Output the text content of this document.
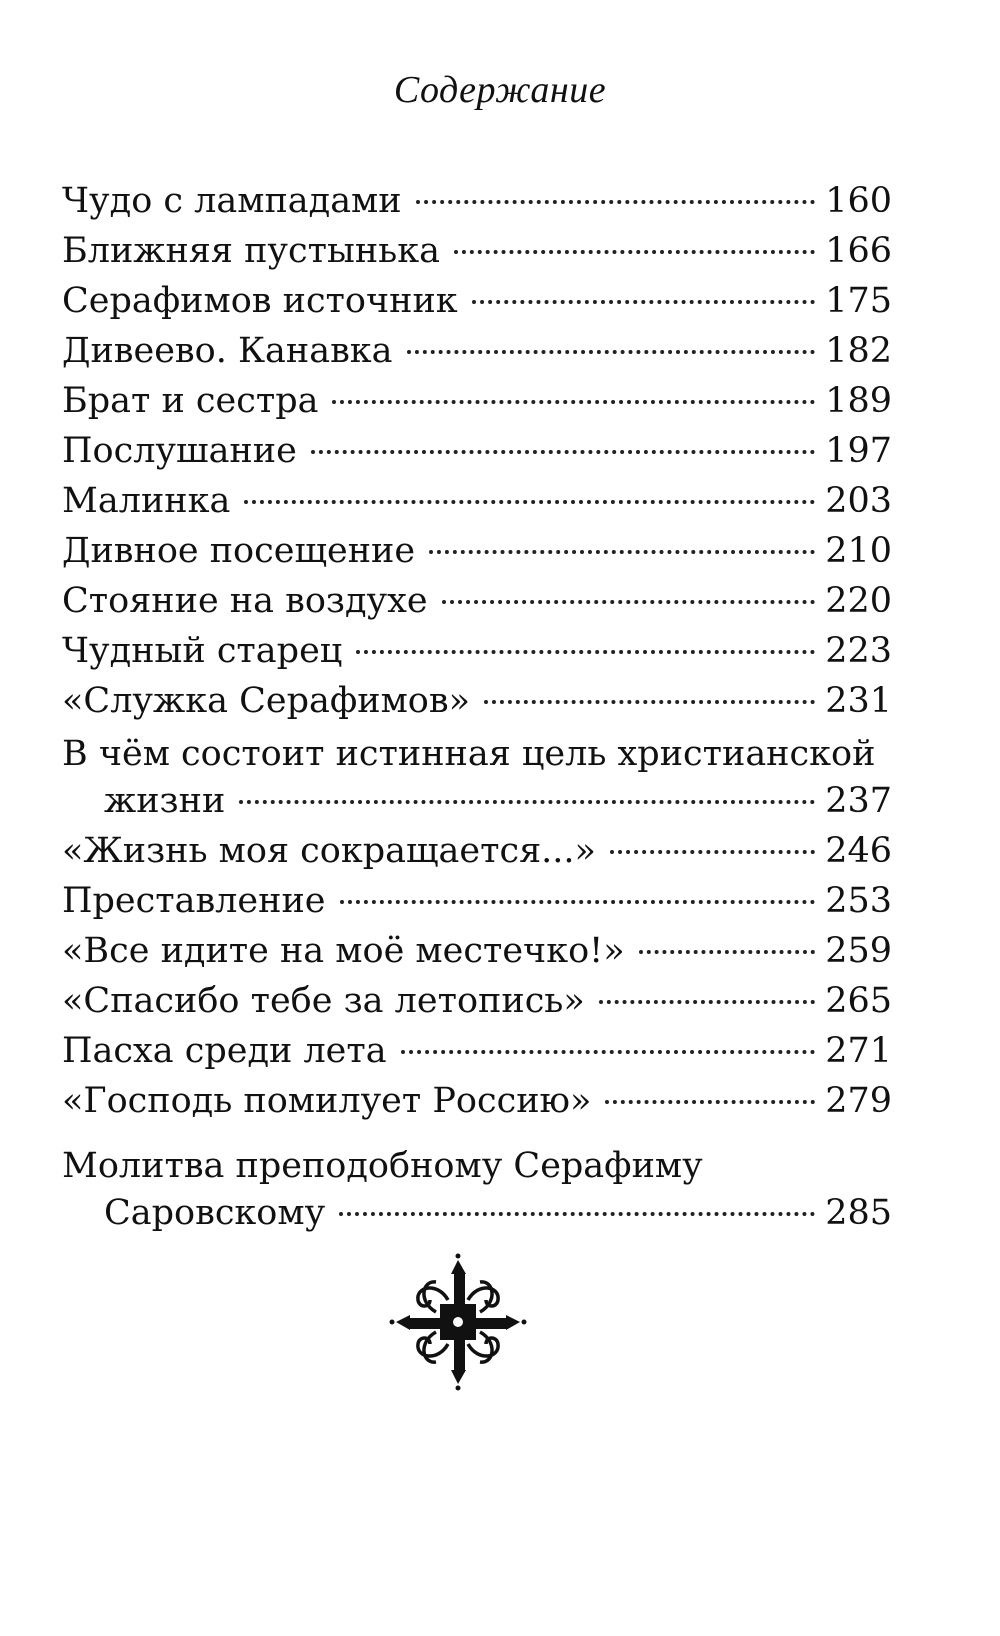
Содержание
Чудо с лампадами	160
Ближняя пустынька	166
Серафимов источник	175
Дивеево. Канавка	182
Брат и сестра	189
Послушание	197
Малинка	203
Дивное посещение	210
Стояние на воздухе	220
Чудный старец	223
«Служка Серафимов»	231
В чём состоит истинная цель христианской
жизни	237
«Жизнь моя сокращается...»	246
Преставление	253
«Все идите на моё местечко!»	259
«Спасибо тебе за летопись»	265
Пасха среди лета	271
«Господь помилует Россию»	279
Молитва преподобному Серафиму
Саровскому	285
